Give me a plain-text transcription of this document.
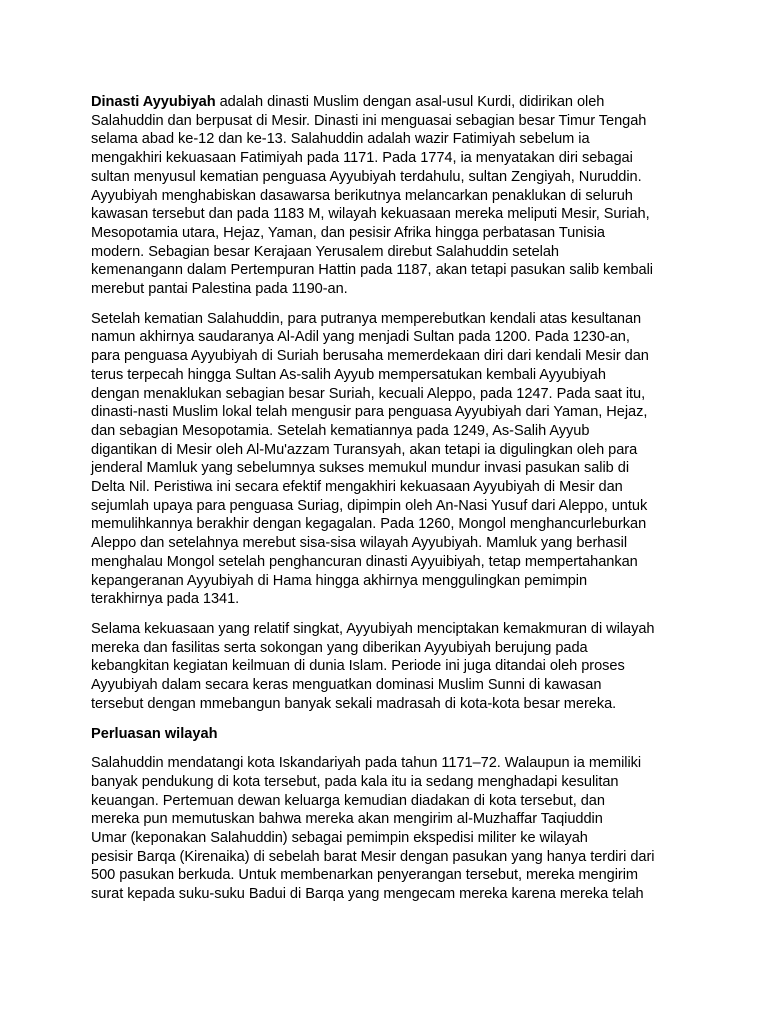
Dinasti Ayyubiyah adalah dinasti Muslim dengan asal-usul Kurdi, didirikan oleh
Salahuddin dan berpusat di Mesir. Dinasti ini menguasai sebagian besar Timur Tengah
selama abad ke-12 dan ke-13. Salahuddin adalah wazir Fatimiyah sebelum ia
mengakhiri kekuasaan Fatimiyah pada 1171. Pada 1774, ia menyatakan diri sebagai
sultan menyusul kematian penguasa Ayyubiyah terdahulu, sultan Zengiyah, Nuruddin.
Ayyubiyah menghabiskan dasawarsa berikutnya melancarkan penaklukan di seluruh
kawasan tersebut dan pada 1183 M, wilayah kekuasaan mereka meliputi Mesir, Suriah,
Mesopotamia utara, Hejaz, Yaman, dan pesisir Afrika hingga perbatasan Tunisia
modern. Sebagian besar Kerajaan Yerusalem direbut Salahuddin setelah
kemenangann dalam Pertempuran Hattin pada 1187, akan tetapi pasukan salib kembali
merebut pantai Palestina pada 1190-an.

Setelah kematian Salahuddin, para putranya memperebutkan kendali atas kesultanan
namun akhirnya saudaranya Al-Adil yang menjadi Sultan pada 1200. Pada 1230-an,
para penguasa Ayyubiyah di Suriah berusaha memerdekaan diri dari kendali Mesir dan
terus terpecah hingga Sultan As-salih Ayyub mempersatukan kembali Ayyubiyah
dengan menaklukan sebagian besar Suriah, kecuali Aleppo, pada 1247. Pada saat itu,
dinasti-nasti Muslim lokal telah mengusir para penguasa Ayyubiyah dari Yaman, Hejaz,
dan sebagian Mesopotamia. Setelah kematiannya pada 1249, As-Salih Ayyub
digantikan di Mesir oleh Al-Mu'azzam Turansyah, akan tetapi ia digulingkan oleh para
jenderal Mamluk yang sebelumnya sukses memukul mundur invasi pasukan salib di
Delta Nil. Peristiwa ini secara efektif mengakhiri kekuasaan Ayyubiyah di Mesir dan
sejumlah upaya para penguasa Suriag, dipimpin oleh An-Nasi Yusuf dari Aleppo, untuk
memulihkannya berakhir dengan kegagalan. Pada 1260, Mongol menghancurleburkan
Aleppo dan setelahnya merebut sisa-sisa wilayah Ayyubiyah. Mamluk yang berhasil
menghalau Mongol setelah penghancuran dinasti Ayyuibiyah, tetap mempertahankan
kepangeranan Ayyubiyah di Hama hingga akhirnya menggulingkan pemimpin
terakhirnya pada 1341.

Selama kekuasaan yang relatif singkat, Ayyubiyah menciptakan kemakmuran di wilayah
mereka dan fasilitas serta sokongan yang diberikan Ayyubiyah berujung pada
kebangkitan kegiatan keilmuan di dunia Islam. Periode ini juga ditandai oleh proses
Ayyubiyah dalam secara keras menguatkan dominasi Muslim Sunni di kawasan
tersebut dengan mmebangun banyak sekali madrasah di kota-kota besar mereka.

Perluasan wilayah

Salahuddin mendatangi kota Iskandariyah pada tahun 1171–72. Walaupun ia memiliki
banyak pendukung di kota tersebut, pada kala itu ia sedang menghadapi kesulitan
keuangan. Pertemuan dewan keluarga kemudian diadakan di kota tersebut, dan
mereka pun memutuskan bahwa mereka akan mengirim al-Muzhaffar Taqiuddin
Umar (keponakan Salahuddin) sebagai pemimpin ekspedisi militer ke wilayah
pesisir Barqa (Kirenaika) di sebelah barat Mesir dengan pasukan yang hanya terdiri dari
500 pasukan berkuda. Untuk membenarkan penyerangan tersebut, mereka mengirim
surat kepada suku-suku Badui di Barqa yang mengecam mereka karena mereka telah
